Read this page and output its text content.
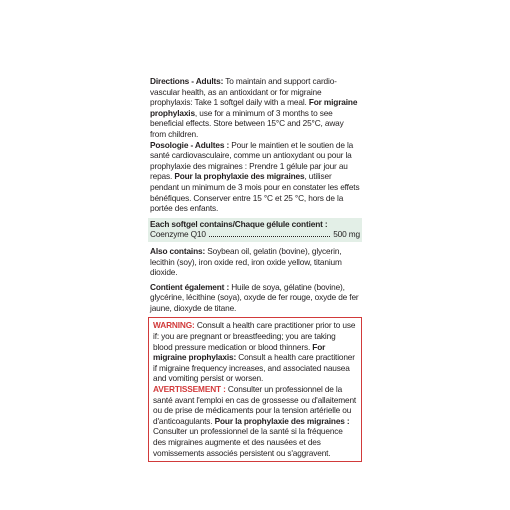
Directions - Adults: To maintain and support cardio-vascular health, as an antioxidant or for migraine prophylaxis: Take 1 softgel daily with a meal. For migraine prophylaxis, use for a minimum of 3 months to see beneficial effects. Store between 15°C and 25°C, away from children.

Posologie - Adultes : Pour le maintien et le soutien de la santé cardiovasculaire, comme un antioxydant ou pour la prophylaxie des migraines : Prendre 1 gélule par jour au repas. Pour la prophylaxie des migraines, utiliser pendant un minimum de 3 mois pour en constater les effets bénéfiques. Conserver entre 15 °C et 25 °C, hors de la portée des enfants.

Each softgel contains/Chaque gélule contient :
Coenzyme Q10	500 mg

Also contains: Soybean oil, gelatin (bovine), glycerin, lecithin (soy), iron oxide red, iron oxide yellow, titanium dioxide.

Contient également : Huile de soya, gélatine (bovine), glycérine, lécithine (soya), oxyde de fer rouge, oxyde de fer jaune, dioxyde de titane.

WARNING: Consult a health care practitioner prior to use if: you are pregnant or breastfeeding; you are taking blood pressure medication or blood thinners. For migraine prophylaxis: Consult a health care practitioner if migraine frequency increases, and associated nausea and vomiting persist or worsen.

AVERTISSEMENT : Consulter un professionnel de la santé avant l'emploi en cas de grossesse ou d'allaitement ou de prise de médicaments pour la tension artérielle ou d'anticoagulants. Pour la prophylaxie des migraines : Consulter un professionnel de la santé si la fréquence des migraines augmente et des nausées et des vomissements associés persistent ou s'aggravent.
